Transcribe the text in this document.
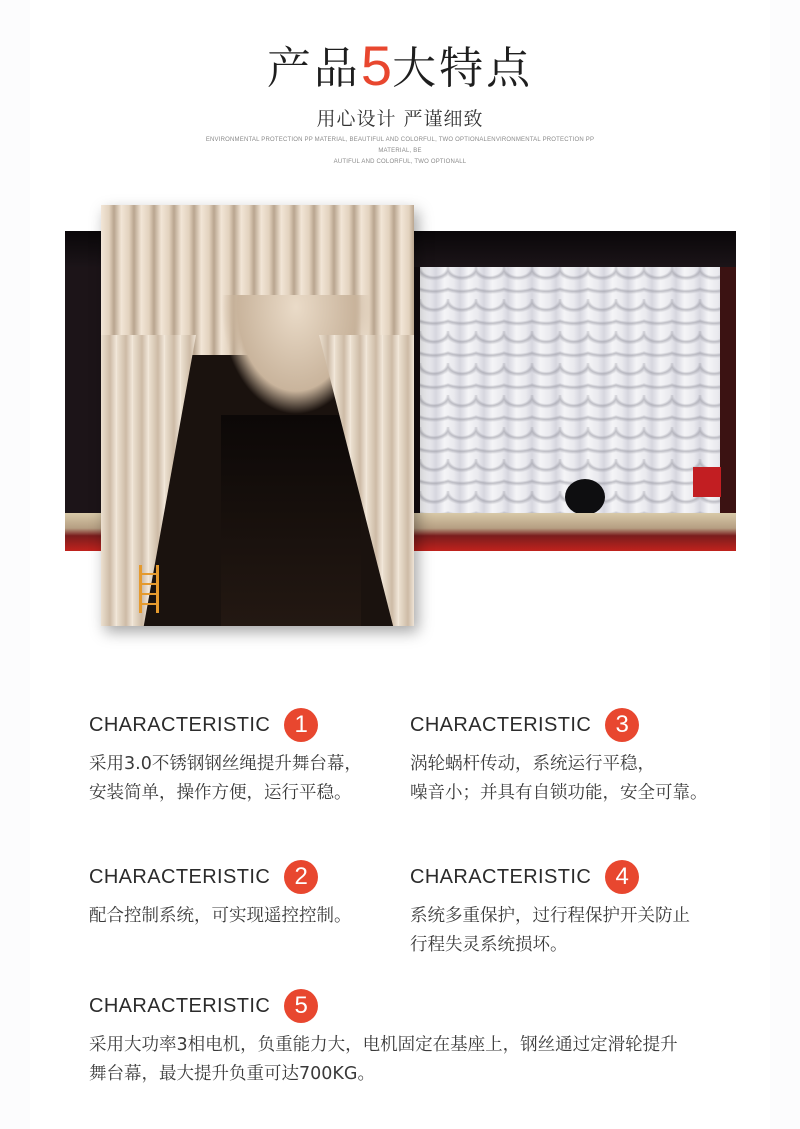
产品5大特点
用心设计 严谨细致
ENVIRONMENTAL PROTECTION PP MATERIAL, BEAUTIFUL AND COLORFUL, TWO OPTIONALENVIRONMENTAL PROTECTION PP MATERIAL, BE
AUTIFUL AND COLORFUL, TWO OPTIONALL
CHARACTERISTIC	1
采用3.0不锈钢钢丝绳提升舞台幕，
安装简单，操作方便，运行平稳。
CHARACTERISTIC	3
涡轮蜗杆传动，系统运行平稳，
噪音小；并具有自锁功能，安全可靠。
CHARACTERISTIC	2
配合控制系统，可实现遥控控制。
CHARACTERISTIC	4
系统多重保护，过行程保护开关防止
行程失灵系统损坏。
CHARACTERISTIC	5
采用大功率3相电机，负重能力大，电机固定在基座上，钢丝通过定滑轮提升
舞台幕，最大提升负重可达700KG。
